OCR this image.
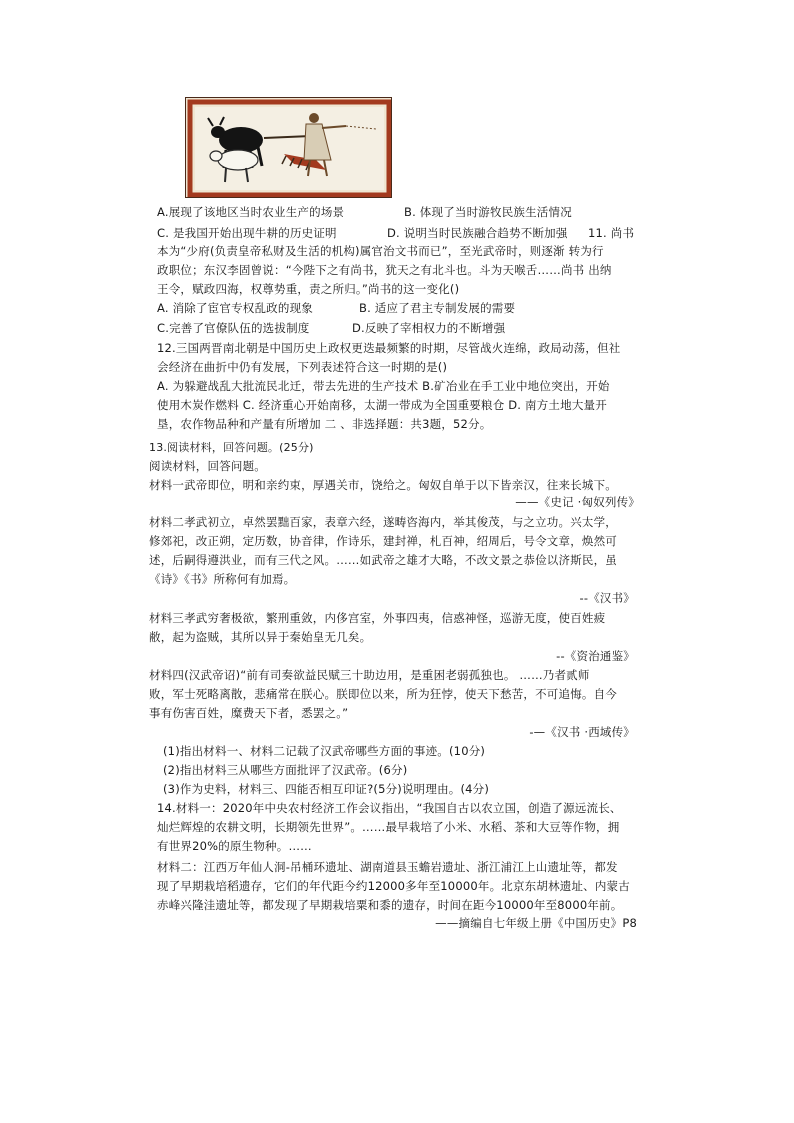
A.展现了该地区当时农业生产的场景	B. 体现了当时游牧民族生活情况
C. 是我国开始出现牛耕的历史证明	D. 说明当时民族融合趋势不断加强 11. 尚书
本为“少府(负责皇帝私财及生活的机构)属官治文书而已”，至光武帝时，则逐渐 转为行
政职位；东汉李固曾说：“今陛下之有尚书，犹天之有北斗也。斗为天喉舌……尚书 出纳
王令，赋政四海，权尊势重，责之所归。”尚书的这一变化()
A. 消除了宦官专权乱政的现象	B. 适应了君主专制发展的需要
C.完善了官僚队伍的选拔制度	D.反映了宰相权力的不断增强
12.三国两晋南北朝是中国历史上政权更迭最频繁的时期，尽管战火连绵，政局动荡，但社
会经济在曲折中仍有发展，下列表述符合这一时期的是()
A. 为躲避战乱大批流民北迁，带去先进的生产技术 B.矿冶业在手工业中地位突出，开始
使用木炭作燃料 C. 经济重心开始南移，太湖一带成为全国重要粮仓 D. 南方土地大量开
垦，农作物品种和产量有所增加 二 、非选择题：共3题，52分。
13.阅读材料，回答问题。(25分)
阅读材料，回答问题。
材料一武帝即位，明和亲约束，厚遇关市，饶给之。匈奴自单于以下皆亲汉，往来长城下。
——《史记 ·匈奴列传》
材料二孝武初立，卓然罢黜百家，表章六经，遂畴咨海内，举其俊茂，与之立功。兴太学，
修郊祀，改正朔，定历数，协音律，作诗乐，建封禅，札百神，绍周后，号令文章，焕然可
述，后嗣得遵洪业，而有三代之风。……如武帝之雄才大略，不改文景之恭俭以济斯民，虽
《诗》《书》所称何有加焉。
--《汉书》
材料三孝武穷奢极欲，繁刑重敛，内侈宫室，外事四夷，信惑神怪，巡游无度，使百姓疲
敝，起为盗贼，其所以异于秦始皇无几矣。
--《资治通鉴》
材料四(汉武帝诏)“前有司奏欲益民赋三十助边用，是重困老弱孤独也。 ……乃者贰师
败，军士死略离散，悲痛常在朕心。朕即位以来，所为狂悖，使天下愁苦，不可追悔。自今
事有伤害百姓，糜费天下者，悉罢之。”
-—《汉书 ·西域传》
(1)指出材料一、材料二记载了汉武帝哪些方面的事迹。(10分)
(2)指出材料三从哪些方面批评了汉武帝。(6分)
(3)作为史料，材料三、四能否相互印证?(5分)说明理由。(4分)
14.材料一：2020年中央农村经济工作会议指出，“我国自古以农立国，创造了源远流长、
灿烂辉煌的农耕文明，长期领先世界”。……最早栽培了小米、水稻、茶和大豆等作物，拥
有世界20%的原生物种。……
材料二：江西万年仙人洞-吊桶环遗址、湖南道县玉蟾岩遗址、浙江浦江上山遗址等，都发
现了早期栽培稻遗存，它们的年代距今约12000多年至10000年。北京东胡林遗址、内蒙古
赤峰兴隆洼遗址等，都发现了早期栽培粟和黍的遗存，时间在距今10000年至8000年前。
——摘编自七年级上册《中国历史》P8
